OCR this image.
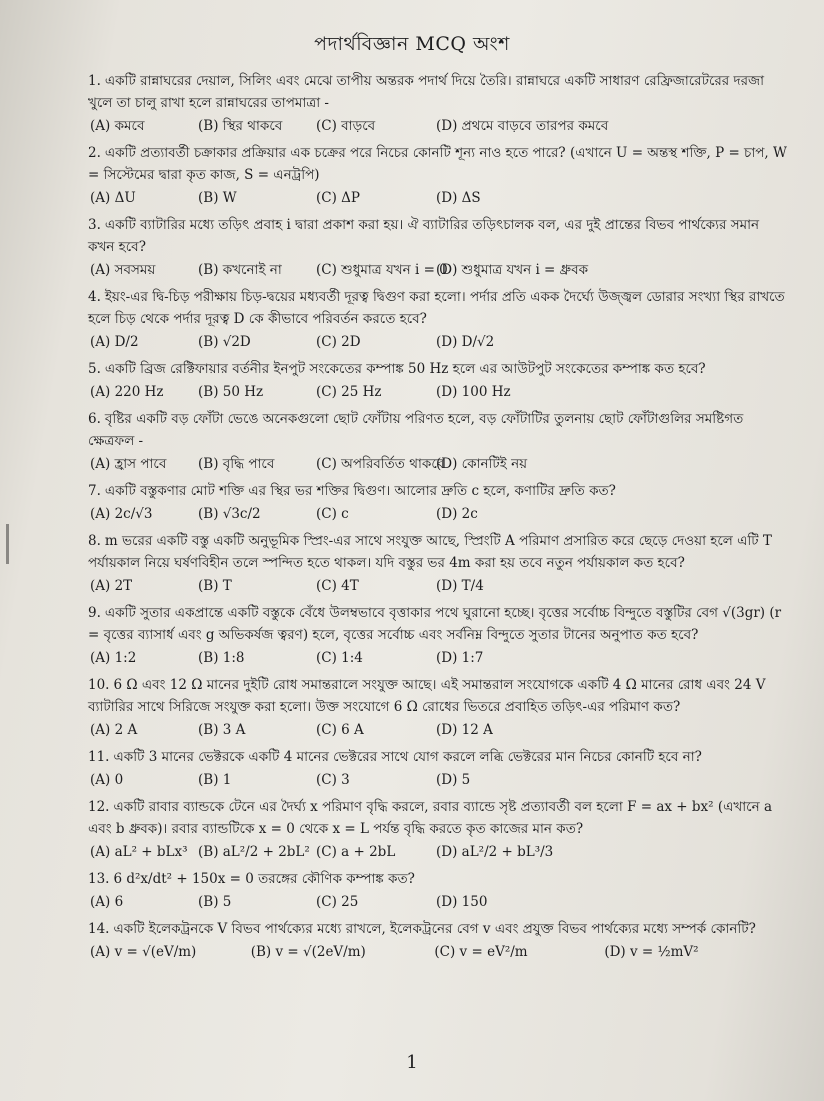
পদার্থবিজ্ঞান MCQ অংশ
1. একটি রান্নাঘরের দেয়াল, সিলিং এবং মেঝে তাপীয় অন্তরক পদার্থ দিয়ে তৈরি। রান্নাঘরে একটি সাধারণ রেফ্রিজারেটরের দরজা খুলে তা চালু রাখা হলে রান্নাঘরের তাপমাত্রা -
(A) কমবে	(B) স্থির থাকবে	(C) বাড়বে	(D) প্রথমে বাড়বে তারপর কমবে
2. একটি প্রত্যাবর্তী চক্রাকার প্রক্রিয়ার এক চক্রের পরে নিচের কোনটি শূন্য নাও হতে পারে? (এখানে U = অন্তস্থ শক্তি, P = চাপ, W = সিস্টেমের দ্বারা কৃত কাজ, S = এনট্রপি)
(A) ΔU	(B) W	(C) ΔP	(D) ΔS
3. একটি ব্যাটারির মধ্যে তড়িৎ প্রবাহ i দ্বারা প্রকাশ করা হয়। ঐ ব্যাটারির তড়িৎচালক বল, এর দুই প্রান্তের বিভব পার্থক্যের সমান কখন হবে?
(A) সবসময়	(B) কখনোই না	(C) শুধুমাত্র যখন i = 0
(D) শুধুমাত্র যখন i = ধ্রুবক
4. ইয়ং-এর দ্বি-চিড় পরীক্ষায় চিড়-দ্বয়ের মধ্যবর্তী দূরত্ব দ্বিগুণ করা হলো। পর্দার প্রতি একক দৈর্ঘ্যে উজ্জ্বল ডোরার সংখ্যা স্থির রাখতে হলে চিড় থেকে পর্দার দূরত্ব D কে কীভাবে পরিবর্তন করতে হবে?
(A) D/2	(B) √2D	(C) 2D	(D) D/√2
5. একটি ব্রিজ রেক্টিফায়ার বর্তনীর ইনপুট সংকেতের কম্পাঙ্ক 50 Hz হলে এর আউটপুট সংকেতের কম্পাঙ্ক কত হবে?
(A) 220 Hz	(B) 50 Hz	(C) 25 Hz	(D) 100 Hz
6. বৃষ্টির একটি বড় ফোঁটা ভেঙে অনেকগুলো ছোট ফোঁটায় পরিণত হলে, বড় ফোঁটাটির তুলনায় ছোট ফোঁটাগুলির সমষ্টিগত ক্ষেত্রফল -
(A) হ্রাস পাবে	(B) বৃদ্ধি পাবে	(C) অপরিবর্তিত থাকবে
(D) কোনটিই নয়
7. একটি বস্তুকণার মোট শক্তি এর স্থির ভর শক্তির দ্বিগুণ। আলোর দ্রুতি c হলে, কণাটির দ্রুতি কত?
(A) 2c/√3	(B) √3c/2	(C) c	(D) 2c
8. m ভরের একটি বস্তু একটি অনুভূমিক স্প্রিং-এর সাথে সংযুক্ত আছে, স্প্রিংটি A পরিমাণ প্রসারিত করে ছেড়ে দেওয়া হলে এটি T পর্যায়কাল নিয়ে ঘর্ষণবিহীন তলে স্পন্দিত হতে থাকল। যদি বস্তুর ভর 4m করা হয় তবে নতুন পর্যায়কাল কত হবে?
(A) 2T	(B) T	(C) 4T	(D) T/4
9. একটি সুতার একপ্রান্তে একটি বস্তুকে বেঁধে উলম্বভাবে বৃত্তাকার পথে ঘুরানো হচ্ছে। বৃত্তের সর্বোচ্চ বিন্দুতে বস্তুটির বেগ √(3gr) (r = বৃত্তের ব্যাসার্ধ এবং g অভিকর্ষজ ত্বরণ) হলে, বৃত্তের সর্বোচ্চ এবং সর্বনিম্ন বিন্দুতে সুতার টানের অনুপাত কত হবে?
(A) 1:2	(B) 1:8	(C) 1:4	(D) 1:7
10. 6 Ω এবং 12 Ω মানের দুইটি রোধ সমান্তরালে সংযুক্ত আছে। এই সমান্তরাল সংযোগকে একটি 4 Ω মানের রোধ এবং 24 V ব্যাটারির সাথে সিরিজে সংযুক্ত করা হলো। উক্ত সংযোগে 6 Ω রোধের ভিতরে প্রবাহিত তড়িৎ-এর পরিমাণ কত?
(A) 2 A	(B) 3 A	(C) 6 A	(D) 12 A
11. একটি 3 মানের ভেক্টরকে একটি 4 মানের ভেক্টরের সাথে যোগ করলে লব্ধি ভেক্টরের মান নিচের কোনটি হবে না?
(A) 0	(B) 1	(C) 3	(D) 5
12. একটি রাবার ব্যান্ডকে টেনে এর দৈর্ঘ্য x পরিমাণ বৃদ্ধি করলে, রবার ব্যান্ডে সৃষ্ট প্রত্যাবর্তী বল হলো F = ax + bx² (এখানে a এবং b ধ্রুবক)। রবার ব্যান্ডটিকে x = 0 থেকে x = L পর্যন্ত বৃদ্ধি করতে কৃত কাজের মান কত?
(A) aL² + bLx³ (B) aL²/2 + 2bL² (C) a + 2bL	(D) aL²/2 + bL³/3
13. 6 d²x/dt² + 150x = 0 তরঙ্গের কৌণিক কম্পাঙ্ক কত?
(A) 6	(B) 5	(C) 25	(D) 150
14. একটি ইলেকট্রনকে V বিভব পার্থক্যের মধ্যে রাখলে, ইলেকট্রনের বেগ v এবং প্রযুক্ত বিভব পার্থক্যের মধ্যে সম্পর্ক কোনটি?
(A) v = √(eV/m)	(B) v = √(2eV/m)	(C) v = eV²/m	(D) v = ½mV²
1
